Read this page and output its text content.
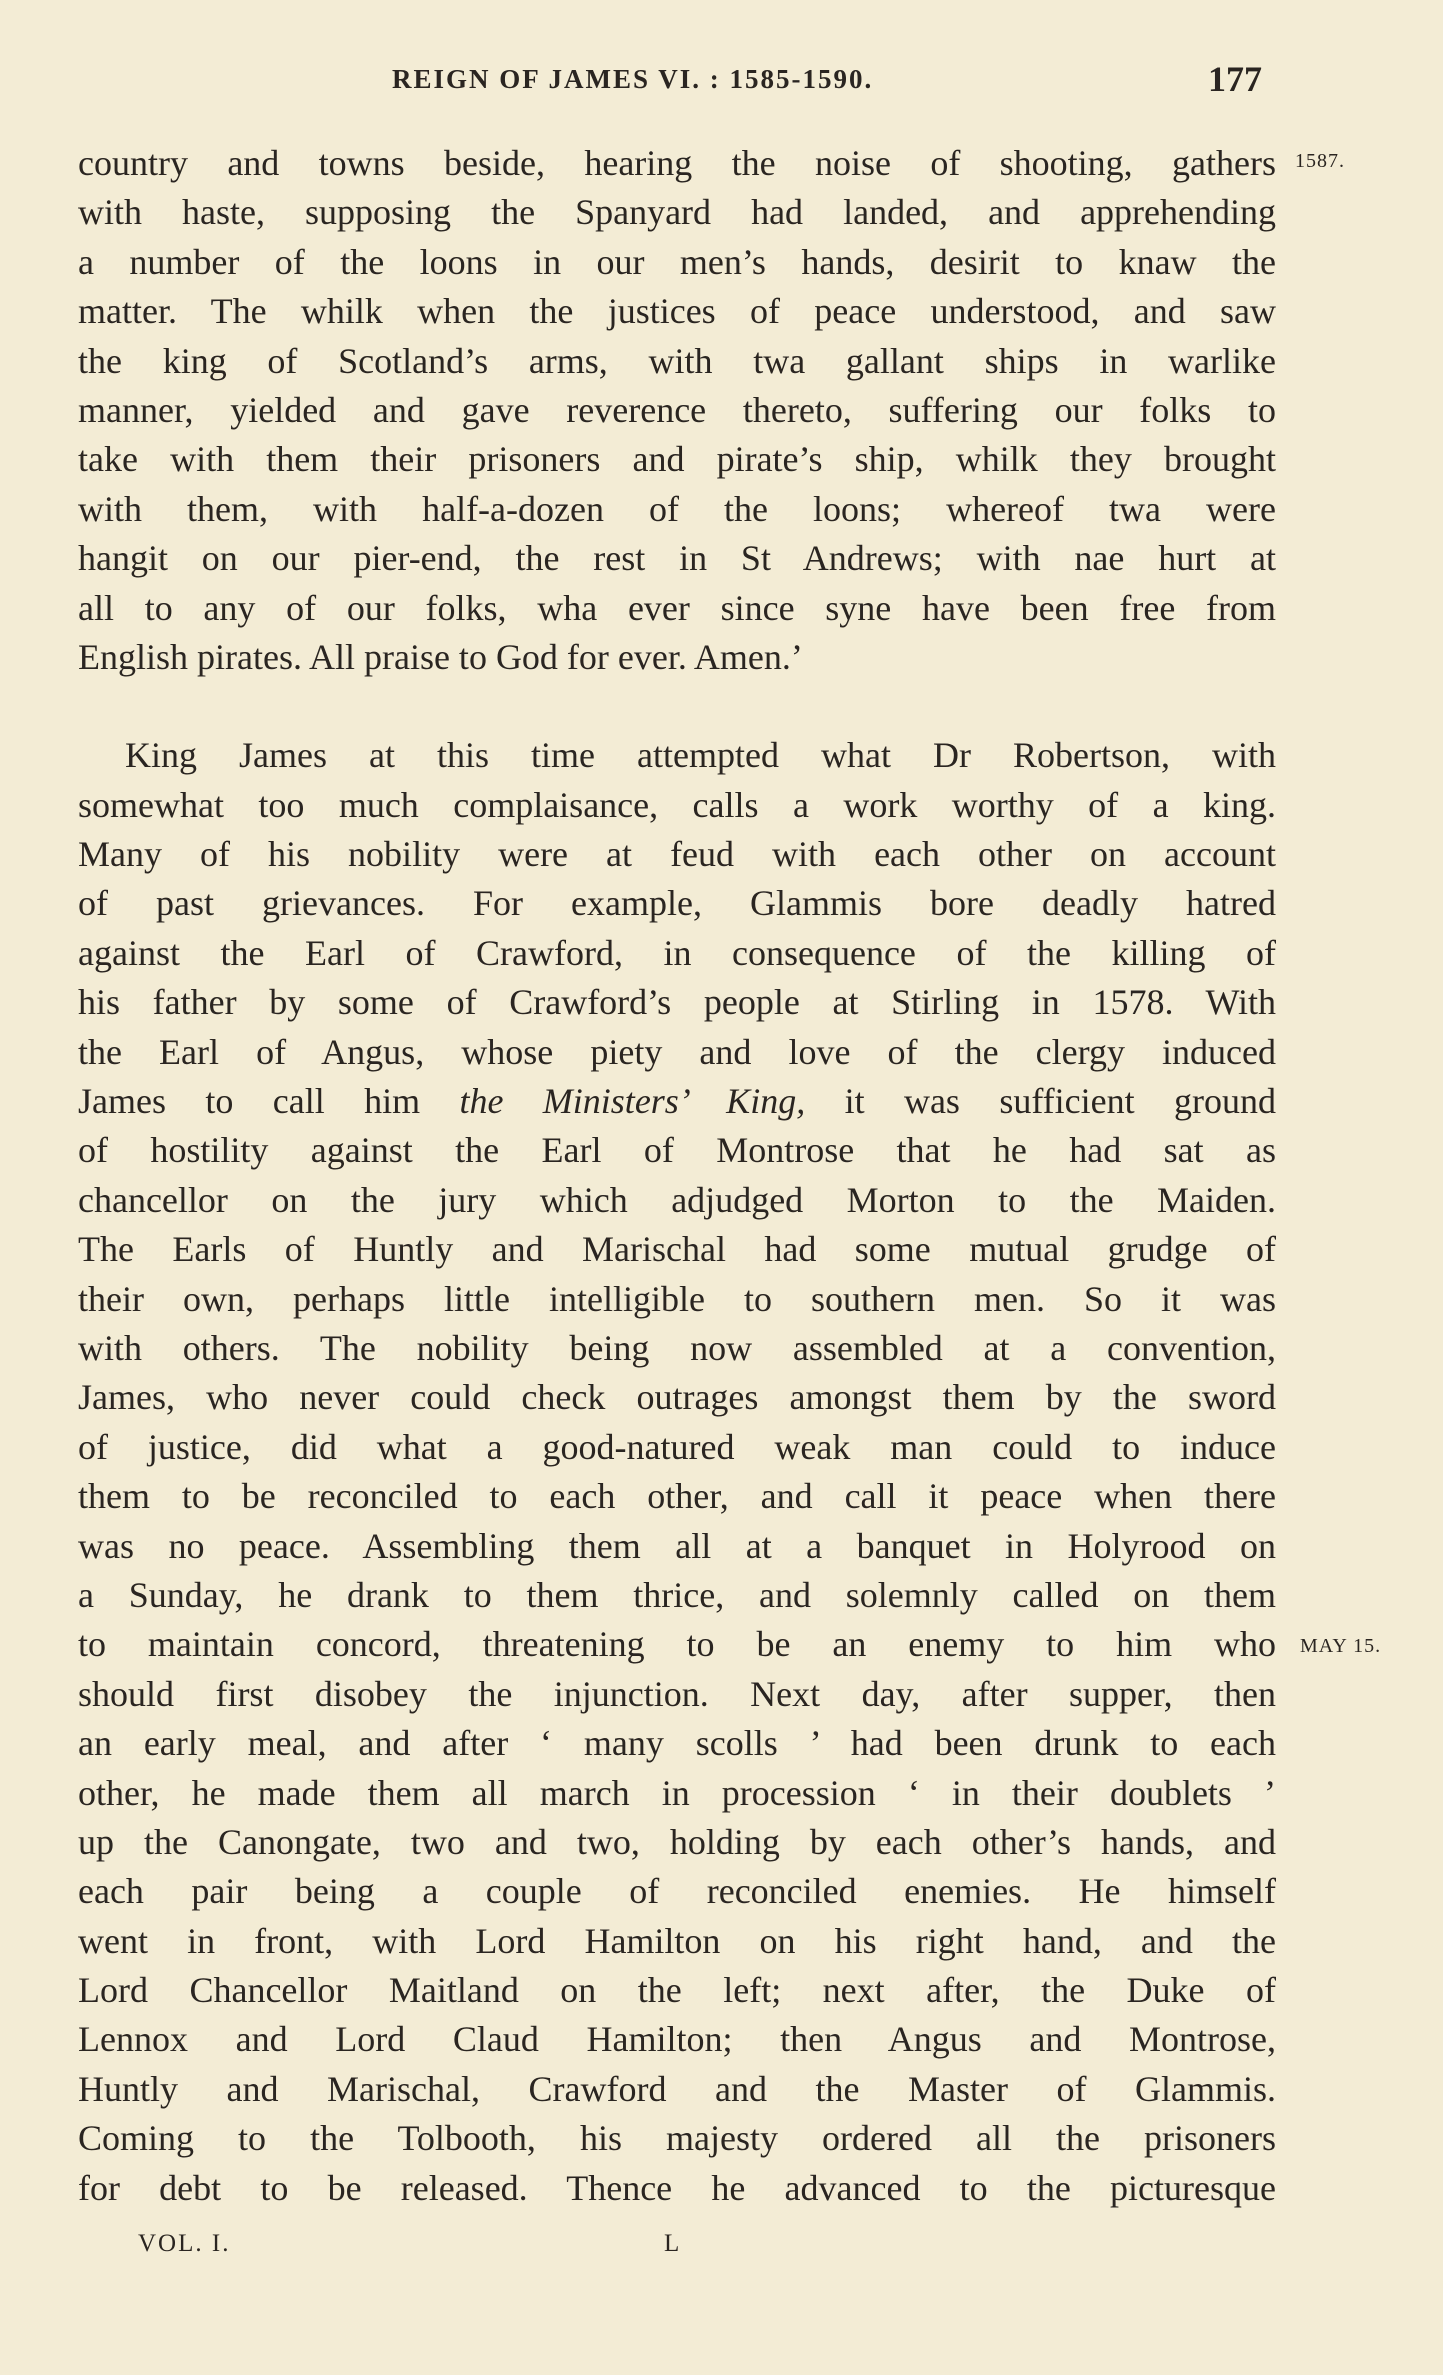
REIGN OF JAMES VI. : 1585-1590.	177
1587.
MAY 15.
country and towns beside, hearing the noise of shooting, gathers
with haste, supposing the Spanyard had landed, and apprehending
a number of the loons in our men’s hands, desirit to knaw the
matter. The whilk when the justices of peace understood, and saw
the king of Scotland’s arms, with twa gallant ships in warlike
manner, yielded and gave reverence thereto, suffering our folks to
take with them their prisoners and pirate’s ship, whilk they brought
with them, with half-a-dozen of the loons; whereof twa were
hangit on our pier-end, the rest in St Andrews; with nae hurt at
all to any of our folks, wha ever since syne have been free from
English pirates. All praise to God for ever. Amen.’
King James at this time attempted what Dr Robertson, with
somewhat too much complaisance, calls a work worthy of a king.
Many of his nobility were at feud with each other on account
of past grievances. For example, Glammis bore deadly hatred
against the Earl of Crawford, in consequence of the killing of
his father by some of Crawford’s people at Stirling in 1578. With
the Earl of Angus, whose piety and love of the clergy induced
James to call him the Ministers’ King, it was sufficient ground
of hostility against the Earl of Montrose that he had sat as
chancellor on the jury which adjudged Morton to the Maiden.
The Earls of Huntly and Marischal had some mutual grudge of
their own, perhaps little intelligible to southern men. So it was
with others. The nobility being now assembled at a convention,
James, who never could check outrages amongst them by the sword
of justice, did what a good-natured weak man could to induce
them to be reconciled to each other, and call it peace when there
was no peace. Assembling them all at a banquet in Holyrood on
a Sunday, he drank to them thrice, and solemnly called on them
to maintain concord, threatening to be an enemy to him who
should first disobey the injunction. Next day, after supper, then
an early meal, and after ‘ many scolls ’ had been drunk to each
other, he made them all march in procession ‘ in their doublets ’
up the Canongate, two and two, holding by each other’s hands, and
each pair being a couple of reconciled enemies. He himself
went in front, with Lord Hamilton on his right hand, and the
Lord Chancellor Maitland on the left; next after, the Duke of
Lennox and Lord Claud Hamilton; then Angus and Montrose,
Huntly and Marischal, Crawford and the Master of Glammis.
Coming to the Tolbooth, his majesty ordered all the prisoners
for debt to be released. Thence he advanced to the picturesque
VOL. I.	L
